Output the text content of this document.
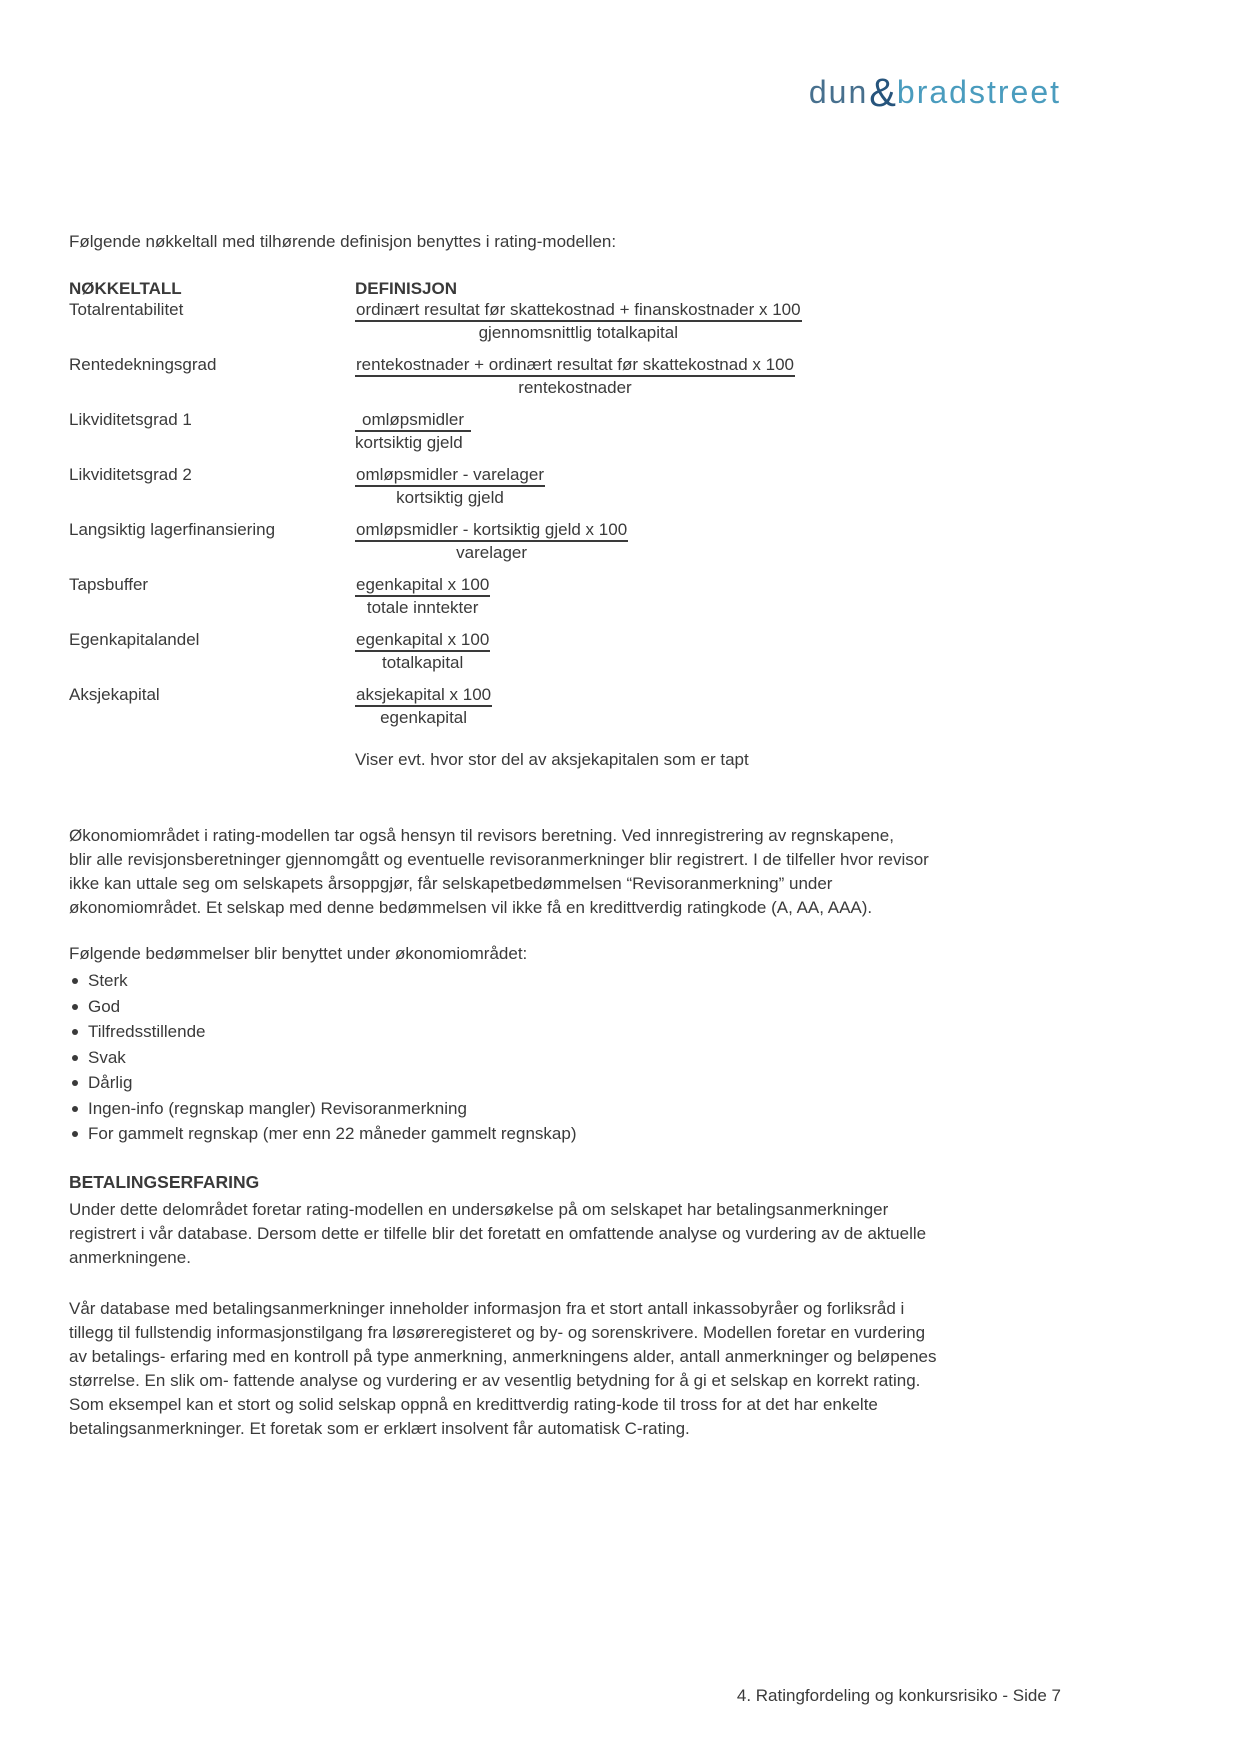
dun&bradstreet

Følgende nøkkeltall med tilhørende definisjon benyttes i rating-modellen:

NØKKELTALL	DEFINISJON
Totalrentabilitet	$\frac{\text{ordinært resultat før skattekostnad + finanskostnader x 100}}{\text{gjennomsnittlig totalkapital}}$
Rentedekningsgrad	$\frac{\text{rentekostnader + ordinært resultat før skattekostnad x 100}}{\text{rentekostnader}}$
Likviditetsgrad 1	$\frac{\text{omløpsmidler}}{\text{kortsiktig gjeld}}$
Likviditetsgrad 2	$\frac{\text{omløpsmidler - varelager}}{\text{kortsiktig gjeld}}$
Langsiktig lagerfinansiering	$\frac{\text{omløpsmidler - kortsiktig gjeld x 100}}{\text{varelager}}$
Tapsbuffer	$\frac{\text{egenkapital x 100}}{\text{totale inntekter}}$
Egenkapitalandel	$\frac{\text{egenkapital x 100}}{\text{totalkapital}}$
Aksjekapital	$\frac{\text{aksjekapital x 100}}{\text{egenkapital}}$
Viser evt. hvor stor del av aksjekapitalen som er tapt
Økonomiområdet i rating-modellen tar også hensyn til revisors beretning. Ved innregistrering av regnskapene,
blir alle revisjonsberetninger gjennomgått og eventuelle revisoranmerkninger blir registrert. I de tilfeller hvor revisor
ikke kan uttale seg om selskapets årsoppgjør, får selskapetbedømmelsen “Revisoranmerkning” under
økonomiområdet. Et selskap med denne bedømmelsen vil ikke få en kredittverdig ratingkode (A, AA, AAA).
Følgende bedømmelser blir benyttet under økonomiområdet:
Sterk
God
Tilfredsstillende
Svak
Dårlig
Ingen-info (regnskap mangler) Revisoranmerkning
For gammelt regnskap (mer enn 22 måneder gammelt regnskap)
BETALINGSERFARING
Under dette delområdet foretar rating-modellen en undersøkelse på om selskapet har betalingsanmerkninger
registrert i vår database. Dersom dette er tilfelle blir det foretatt en omfattende analyse og vurdering av de aktuelle
anmerkningene.
Vår database med betalingsanmerkninger inneholder informasjon fra et stort antall inkassobyråer og forliksråd i
tillegg til fullstendig informasjonstilgang fra løsøreregisteret og by- og sorenskrivere. Modellen foretar en vurdering
av betalings- erfaring med en kontroll på type anmerkning, anmerkningens alder, antall anmerkninger og beløpenes
størrelse. En slik om- fattende analyse og vurdering er av vesentlig betydning for å gi et selskap en korrekt rating.
Som eksempel kan et stort og solid selskap oppnå en kredittverdig rating-kode til tross for at det har enkelte
betalingsanmerkninger. Et foretak som er erklært insolvent får automatisk C-rating.
4. Ratingfordeling og konkursrisiko - Side 7
